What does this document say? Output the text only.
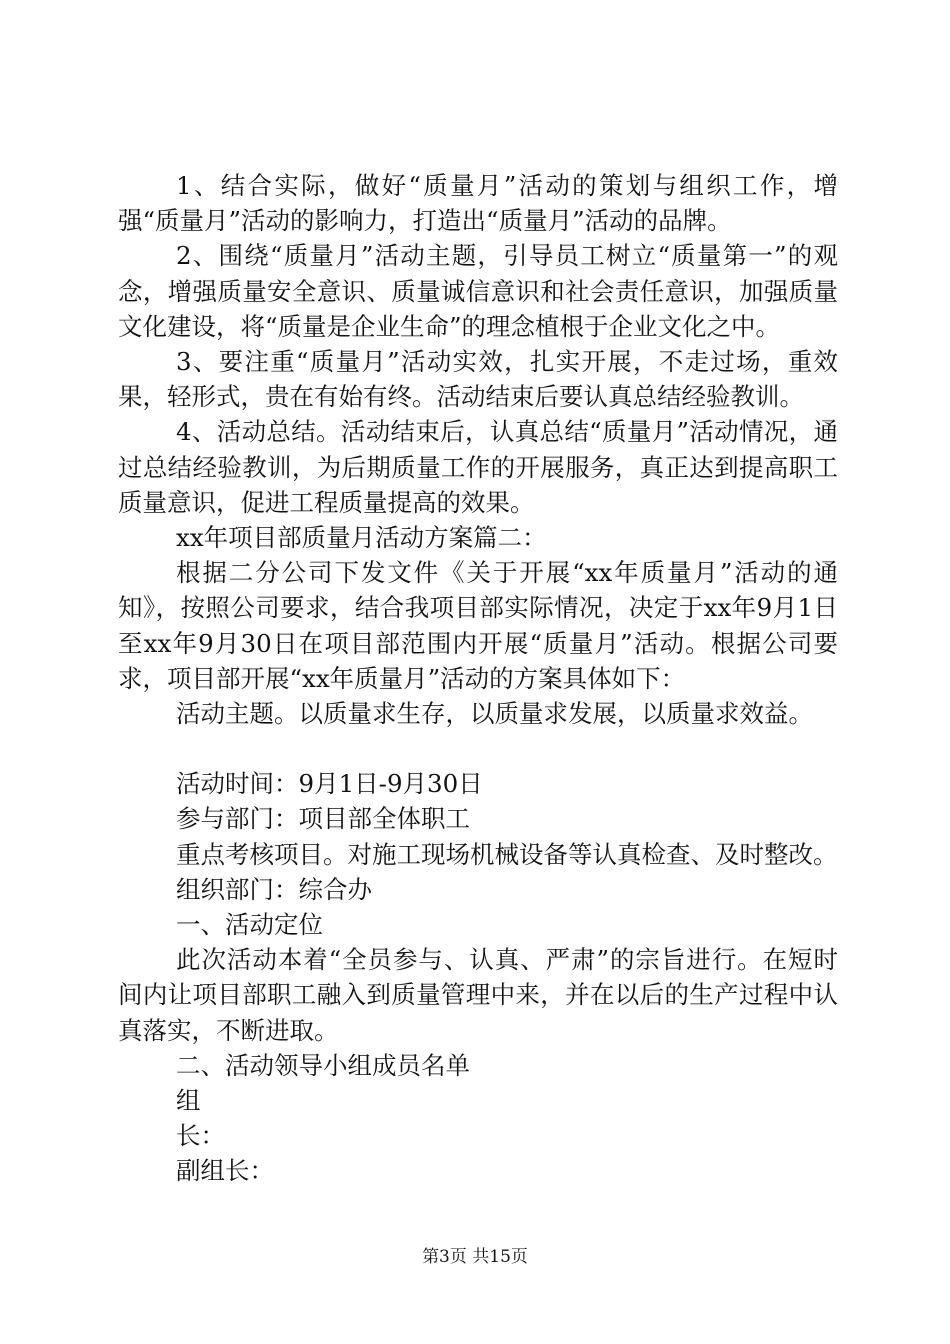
1、结合实际，做好“质量月”活动的策划与组织工作，增强“质量月”活动的影响力，打造出“质量月”活动的品牌。

2、围绕“质量月”活动主题，引导员工树立“质量第一”的观念，增强质量安全意识、质量诚信意识和社会责任意识，加强质量文化建设，将“质量是企业生命”的理念植根于企业文化之中。

3、要注重“质量月”活动实效，扎实开展，不走过场，重效果，轻形式，贵在有始有终。活动结束后要认真总结经验教训。

4、活动总结。活动结束后，认真总结“质量月”活动情况，通过总结经验教训，为后期质量工作的开展服务，真正达到提高职工质量意识，促进工程质量提高的效果。

xx年项目部质量月活动方案篇二：

根据二分公司下发文件《关于开展“xx年质量月”活动的通知》，按照公司要求，结合我项目部实际情况，决定于xx年9月1日至xx年9月30日在项目部范围内开展“质量月”活动。根据公司要求，项目部开展“xx年质量月”活动的方案具体如下：

活动主题。以质量求生存，以质量求发展，以质量求效益。

活动时间：9月1日-9月30日

参与部门：项目部全体职工

重点考核项目。对施工现场机械设备等认真检查、及时整改。

组织部门：综合办

一、活动定位

此次活动本着“全员参与、认真、严肃”的宗旨进行。在短时间内让项目部职工融入到质量管理中来，并在以后的生产过程中认真落实，不断进取。

二、活动领导小组成员名单

组

长：

副组长：

第3页 共15页
